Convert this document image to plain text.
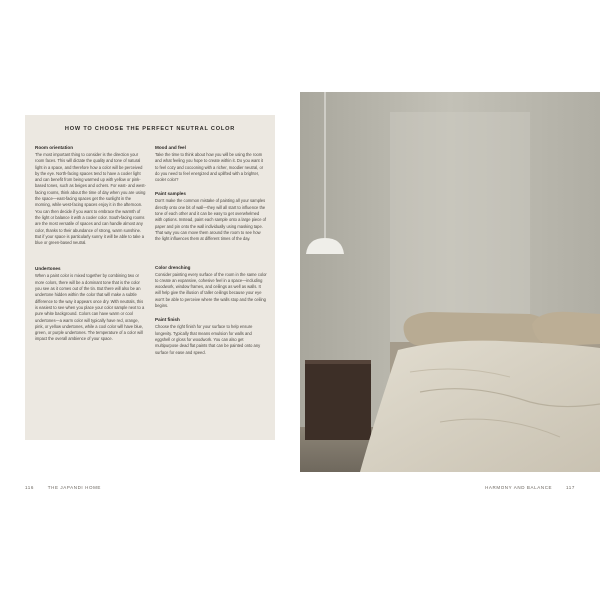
HOW TO CHOOSE THE PERFECT NEUTRAL COLOR
Room orientation

The most important thing to consider is the direction your room faces. This will dictate the quality and tone of natural light in a space, and therefore how a color will be perceived by the eye. North-facing spaces tend to have a cooler light and can benefit from being warmed up with yellow or pink-based tones, such as beiges and ochers. For east- and west-facing rooms, think about the time of day when you are using the space—east-facing spaces get the sunlight in the morning, while west-facing spaces enjoy it in the afternoon. You can then decide if you want to embrace the warmth of the light or balance it with a cooler color. South-facing rooms are the most versatile of spaces and can handle almost any color, thanks to their abundance of strong, warm sunshine. But if your space is particularly sunny it will be able to take a blue or green-based neutral.

Undertones

When a paint color is mixed together by combining two or more colors, there will be a dominant tone that is the color you see as it comes out of the tin. But there will also be an undertone hidden within the color that will make a subtle difference to the way it appears once dry. With neutrals, this is easiest to see when you place your color sample next to a pure white background. Colors can have warm or cool undertones—a warm color will typically have red, orange, pink, or yellow undertones, while a cool color will have blue, green, or purple undertones. The temperature of a color will impact the overall ambience of your space.

Mood and feel

Take the time to think about how you will be using the room and what feeling you hope to create within it. Do you want it to feel cozy and cocooning with a richer, moodier neutral, or do you need to feel energized and uplifted with a brighter, cooler color?

Paint samples

Don't make the common mistake of painting all your samples directly onto one bit of wall—they will all start to influence the tone of each other and it can be easy to get overwhelmed with options. Instead, paint each sample onto a large piece of paper and pin onto the wall individually using masking tape. That way you can move them around the room to see how the light influences them at different times of the day.

Color drenching

Consider painting every surface of the room in the same color to create an expansive, cohesive feel in a space—including woodwork, window frames, and ceilings as well as walls. It will help give the illusion of taller ceilings because your eye won't be able to perceive where the walls stop and the ceiling begins.

Paint finish

Choose the right finish for your surface to help ensure longevity. Typically that means emulsion for walls and eggshell or gloss for woodwork. You can also get multipurpose dead flat paints that can be painted onto any surface for ease and speed.

116	THE JAPANDI HOME	HARMONY AND BALANCE	117
